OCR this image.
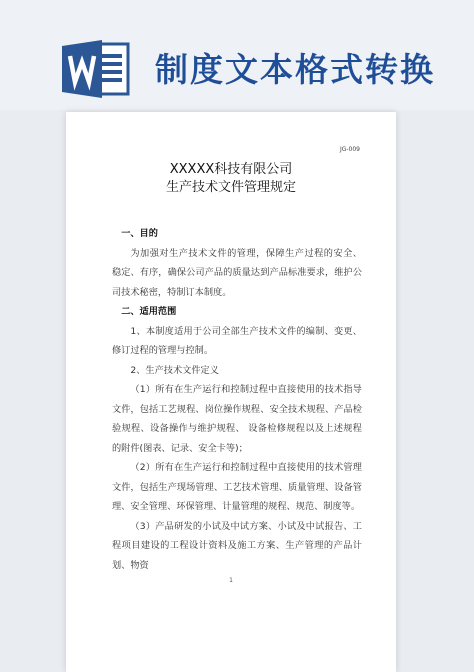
制度文本格式转换
JG-009
XXXXX科技有限公司
生产技术文件管理规定

一、目的

为加强对生产技术文件的管理，保障生产过程的安全、 稳定、有序，确保公司产品的质量达到产品标准要求，维护公司技术秘密，特制订本制度。

二、适用范围

1、本制度适用于公司全部生产技术文件的编制、变更、修订过程的管理与控制。

2、生产技术文件定义

（1）所有在生产运行和控制过程中直接使用的技术指导文件，包括工艺规程、岗位操作规程、安全技术规程、产品检验规程、设备操作与维护规程、 设备检修规程以及上述规程的附件(图表、记录、安全卡等)；

（2）所有在生产运行和控制过程中直接使用的技术管理文件，包括生产现场管理、工艺技术管理、质量管理、设备管理、安全管理、环保管理、计量管理的规程、规范、制度等。

（3）产品研发的小试及中试方案、小试及中试报告、工程项目建设的工程设计资料及施工方案、生产管理的产品计划、物资

1
